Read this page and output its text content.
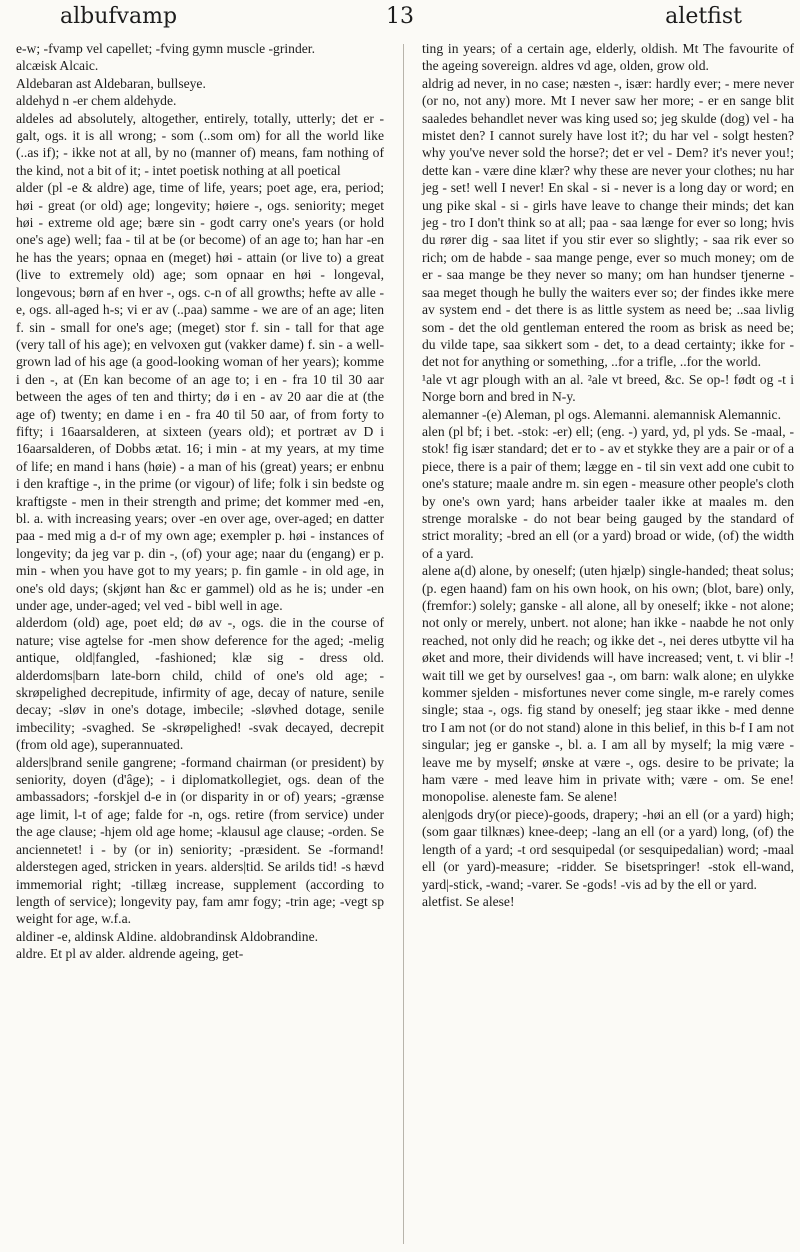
albufvamp	13	aletfist

e-w; -fvamp vel capellet; -fving gymn muscle -grinder.

alcæisk Alcaic.

Aldebaran ast Aldebaran, bullseye.

aldehyd n -er chem aldehyde.

aldeles ad absolutely, altogether, entirely, totally, utterly; det er - galt, ogs. it is all wrong; - som (..som om) for all the world like (..as if); - ikke not at all, by no (manner of) means, fam nothing of the kind, not a bit of it; - intet poetisk nothing at all poetical

alder (pl -e & aldre) age, time of life, years; poet age, era, period; høi - great (or old) age; longevity; høiere -, ogs. seniority; meget høi - extreme old age; bære sin - godt carry one's years (or hold one's age) well; faa - til at be (or become) of an age to; han har -en he has the years; opnaa en (meget) høi - attain (or live to) a great (live to extremely old) age; som opnaar en høi - longeval, longevous; børn af en hver -, ogs. c-n of all growths; hefte av alle -e, ogs. all-aged h-s; vi er av (..paa) samme - we are of an age; liten f. sin - small for one's age; (meget) stor f. sin - tall for that age (very tall of his age); en velvoxen gut (vakker dame) f. sin - a well-grown lad of his age (a good-looking woman of her years); komme i den -, at (En kan become of an age to; i en - fra 10 til 30 aar between the ages of ten and thirty; dø i en - av 20 aar die at (the age of) twenty; en dame i en - fra 40 til 50 aar, of from forty to fifty; i 16aarsalderen, at sixteen (years old); et portræt av D i 16aarsalderen, of Dobbs ætat. 16; i min - at my years, at my time of life; en mand i hans (høie) - a man of his (great) years; er enbnu i den kraftige -, in the prime (or vigour) of life; folk i sin bedste og kraftigste - men in their strength and prime; det kommer med -en, bl. a. with increasing years; over -en over age, over-aged; en datter paa - med mig a d-r of my own age; exempler p. høi - instances of longevity; da jeg var p. din -, (of) your age; naar du (engang) er p. min - when you have got to my years; p. fin gamle - in old age, in one's old days; (skjønt han &c er gammel) old as he is; under -en under age, under-aged; vel ved - bibl well in age.

alderdom (old) age, poet eld; dø av -, ogs. die in the course of nature; vise agtelse for -men show deference for the aged; -melig antique, old|fangled, -fashioned; klæ sig - dress old. alderdoms|barn late-born child, child of one's old age; -skrøpelighed decrepitude, infirmity of age, decay of nature, senile decay; -sløv in one's dotage, imbecile; -sløvhed dotage, senile imbecility; -svaghed. Se -skrøpelighed! -svak decayed, decrepit (from old age), superannuated.

alders|brand senile gangrene; -formand chairman (or president) by seniority, doyen (d'âge); - i diplomatkollegiet, ogs. dean of the ambassadors; -forskjel d-e in (or disparity in or of) years; -grænse age limit, l-t of age; falde for -n, ogs. retire (from service) under the age clause; -hjem old age home; -klausul age clause; -orden. Se anciennetet! i - by (or in) seniority; -præsident. Se -formand! alderstegen aged, stricken in years. alders|tid. Se arilds tid! -s hævd immemorial right; -tillæg increase, supplement (according to length of service); longevity pay, fam amr fogy; -trin age; -vegt sp weight for age, w.f.a.

aldiner -e, aldinsk Aldine. aldobrandinsk Aldobrandine.

aldre. Et pl av alder. aldrende ageing, get-

ting in years; of a certain age, elderly, oldish. Mt The favourite of the ageing sovereign. aldres vd age, olden, grow old.

aldrig ad never, in no case; næsten -, især: hardly ever; - mere never (or no, not any) more. Mt I never saw her more; - er en sange blit saaledes behandlet never was king used so; jeg skulde (dog) vel - ha mistet den? I cannot surely have lost it?; du har vel - solgt hesten? why you've never sold the horse?; det er vel - Dem? it's never you!; dette kan - være dine klær? why these are never your clothes; nu har jeg - set! well I never! En skal - si - never is a long day or word; en ung pike skal - si - girls have leave to change their minds; det kan jeg - tro I don't think so at all; paa - saa længe for ever so long; hvis du rører dig - saa litet if you stir ever so slightly; - saa rik ever so rich; om de habde - saa mange penge, ever so much money; om de er - saa mange be they never so many; om han hundser tjenerne - saa meget though he bully the waiters ever so; der findes ikke mere av system end - det there is as little system as need be; ..saa livlig som - det the old gentleman entered the room as brisk as need be; du vilde tape, saa sikkert som - det, to a dead certainty; ikke for - det not for anything or something, ..for a trifle, ..for the world.

¹ale vt agr plough with an al. ²ale vt breed, &c. Se op-! født og -t i Norge born and bred in N-y.

alemanner -(e) Aleman, pl ogs. Alemanni. alemannisk Alemannic.

alen (pl bf; i bet. -stok: -er) ell; (eng. -) yard, yd, pl yds. Se -maal, -stok! fig især standard; det er to - av et stykke they are a pair or of a piece, there is a pair of them; lægge en - til sin vext add one cubit to one's stature; maale andre m. sin egen - measure other people's cloth by one's own yard; hans arbeider taaler ikke at maales m. den strenge moralske - do not bear being gauged by the standard of strict morality; -bred an ell (or a yard) broad or wide, (of) the width of a yard.

alene a(d) alone, by oneself; (uten hjælp) single-handed; theat solus; (p. egen haand) fam on his own hook, on his own; (blot, bare) only, (fremfor:) solely; ganske - all alone, all by oneself; ikke - not alone; not only or merely, unbert. not alone; han ikke - naabde he not only reached, not only did he reach; og ikke det -, nei deres utbytte vil ha øket and more, their dividends will have increased; vent, t. vi blir -! wait till we get by ourselves! gaa -, om barn: walk alone; en ulykke kommer sjelden - misfortunes never come single, m-e rarely comes single; staa -, ogs. fig stand by oneself; jeg staar ikke - med denne tro I am not (or do not stand) alone in this belief, in this b-f I am not singular; jeg er ganske -, bl. a. I am all by myself; la mig være - leave me by myself; ønske at være -, ogs. desire to be private; la ham være - med leave him in private with; være - om. Se ene! monopolise. aleneste fam. Se alene!

alen|gods dry(or piece)-goods, drapery; -høi an ell (or a yard) high; (som gaar tilknæs) knee-deep; -lang an ell (or a yard) long, (of) the length of a yard; -t ord sesquipedal (or sesquipedalian) word; -maal ell (or yard)-measure; -ridder. Se bisetspringer! -stok ell-wand, yard|-stick, -wand; -varer. Se -gods! -vis ad by the ell or yard.

aletfist. Se alese!
